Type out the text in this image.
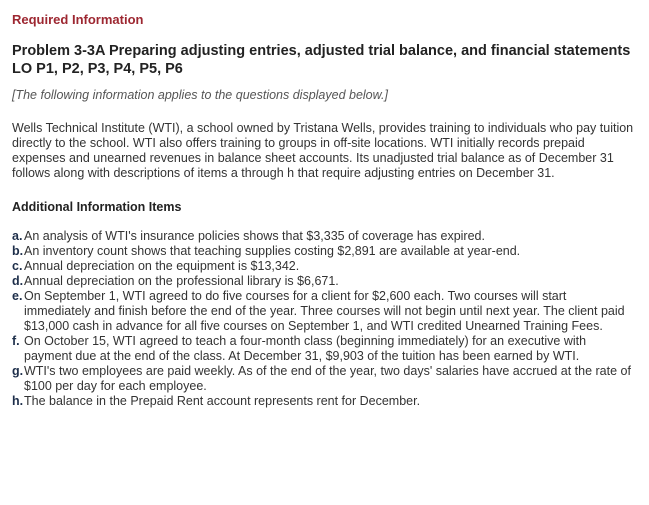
Required Information
Problem 3-3A Preparing adjusting entries, adjusted trial balance, and financial statements LO P1, P2, P3, P4, P5, P6
[The following information applies to the questions displayed below.]
Wells Technical Institute (WTI), a school owned by Tristana Wells, provides training to individuals who pay tuition directly to the school. WTI also offers training to groups in off-site locations. WTI initially records prepaid expenses and unearned revenues in balance sheet accounts. Its unadjusted trial balance as of December 31 follows along with descriptions of items a through h that require adjusting entries on December 31.
Additional Information Items
a. An analysis of WTI's insurance policies shows that $3,335 of coverage has expired.
b. An inventory count shows that teaching supplies costing $2,891 are available at year-end.
c. Annual depreciation on the equipment is $13,342.
d. Annual depreciation on the professional library is $6,671.
e. On September 1, WTI agreed to do five courses for a client for $2,600 each. Two courses will start immediately and finish before the end of the year. Three courses will not begin until next year. The client paid $13,000 cash in advance for all five courses on September 1, and WTI credited Unearned Training Fees.
f. On October 15, WTI agreed to teach a four-month class (beginning immediately) for an executive with payment due at the end of the class. At December 31, $9,903 of the tuition has been earned by WTI.
g. WTI's two employees are paid weekly. As of the end of the year, two days' salaries have accrued at the rate of $100 per day for each employee.
h. The balance in the Prepaid Rent account represents rent for December.
